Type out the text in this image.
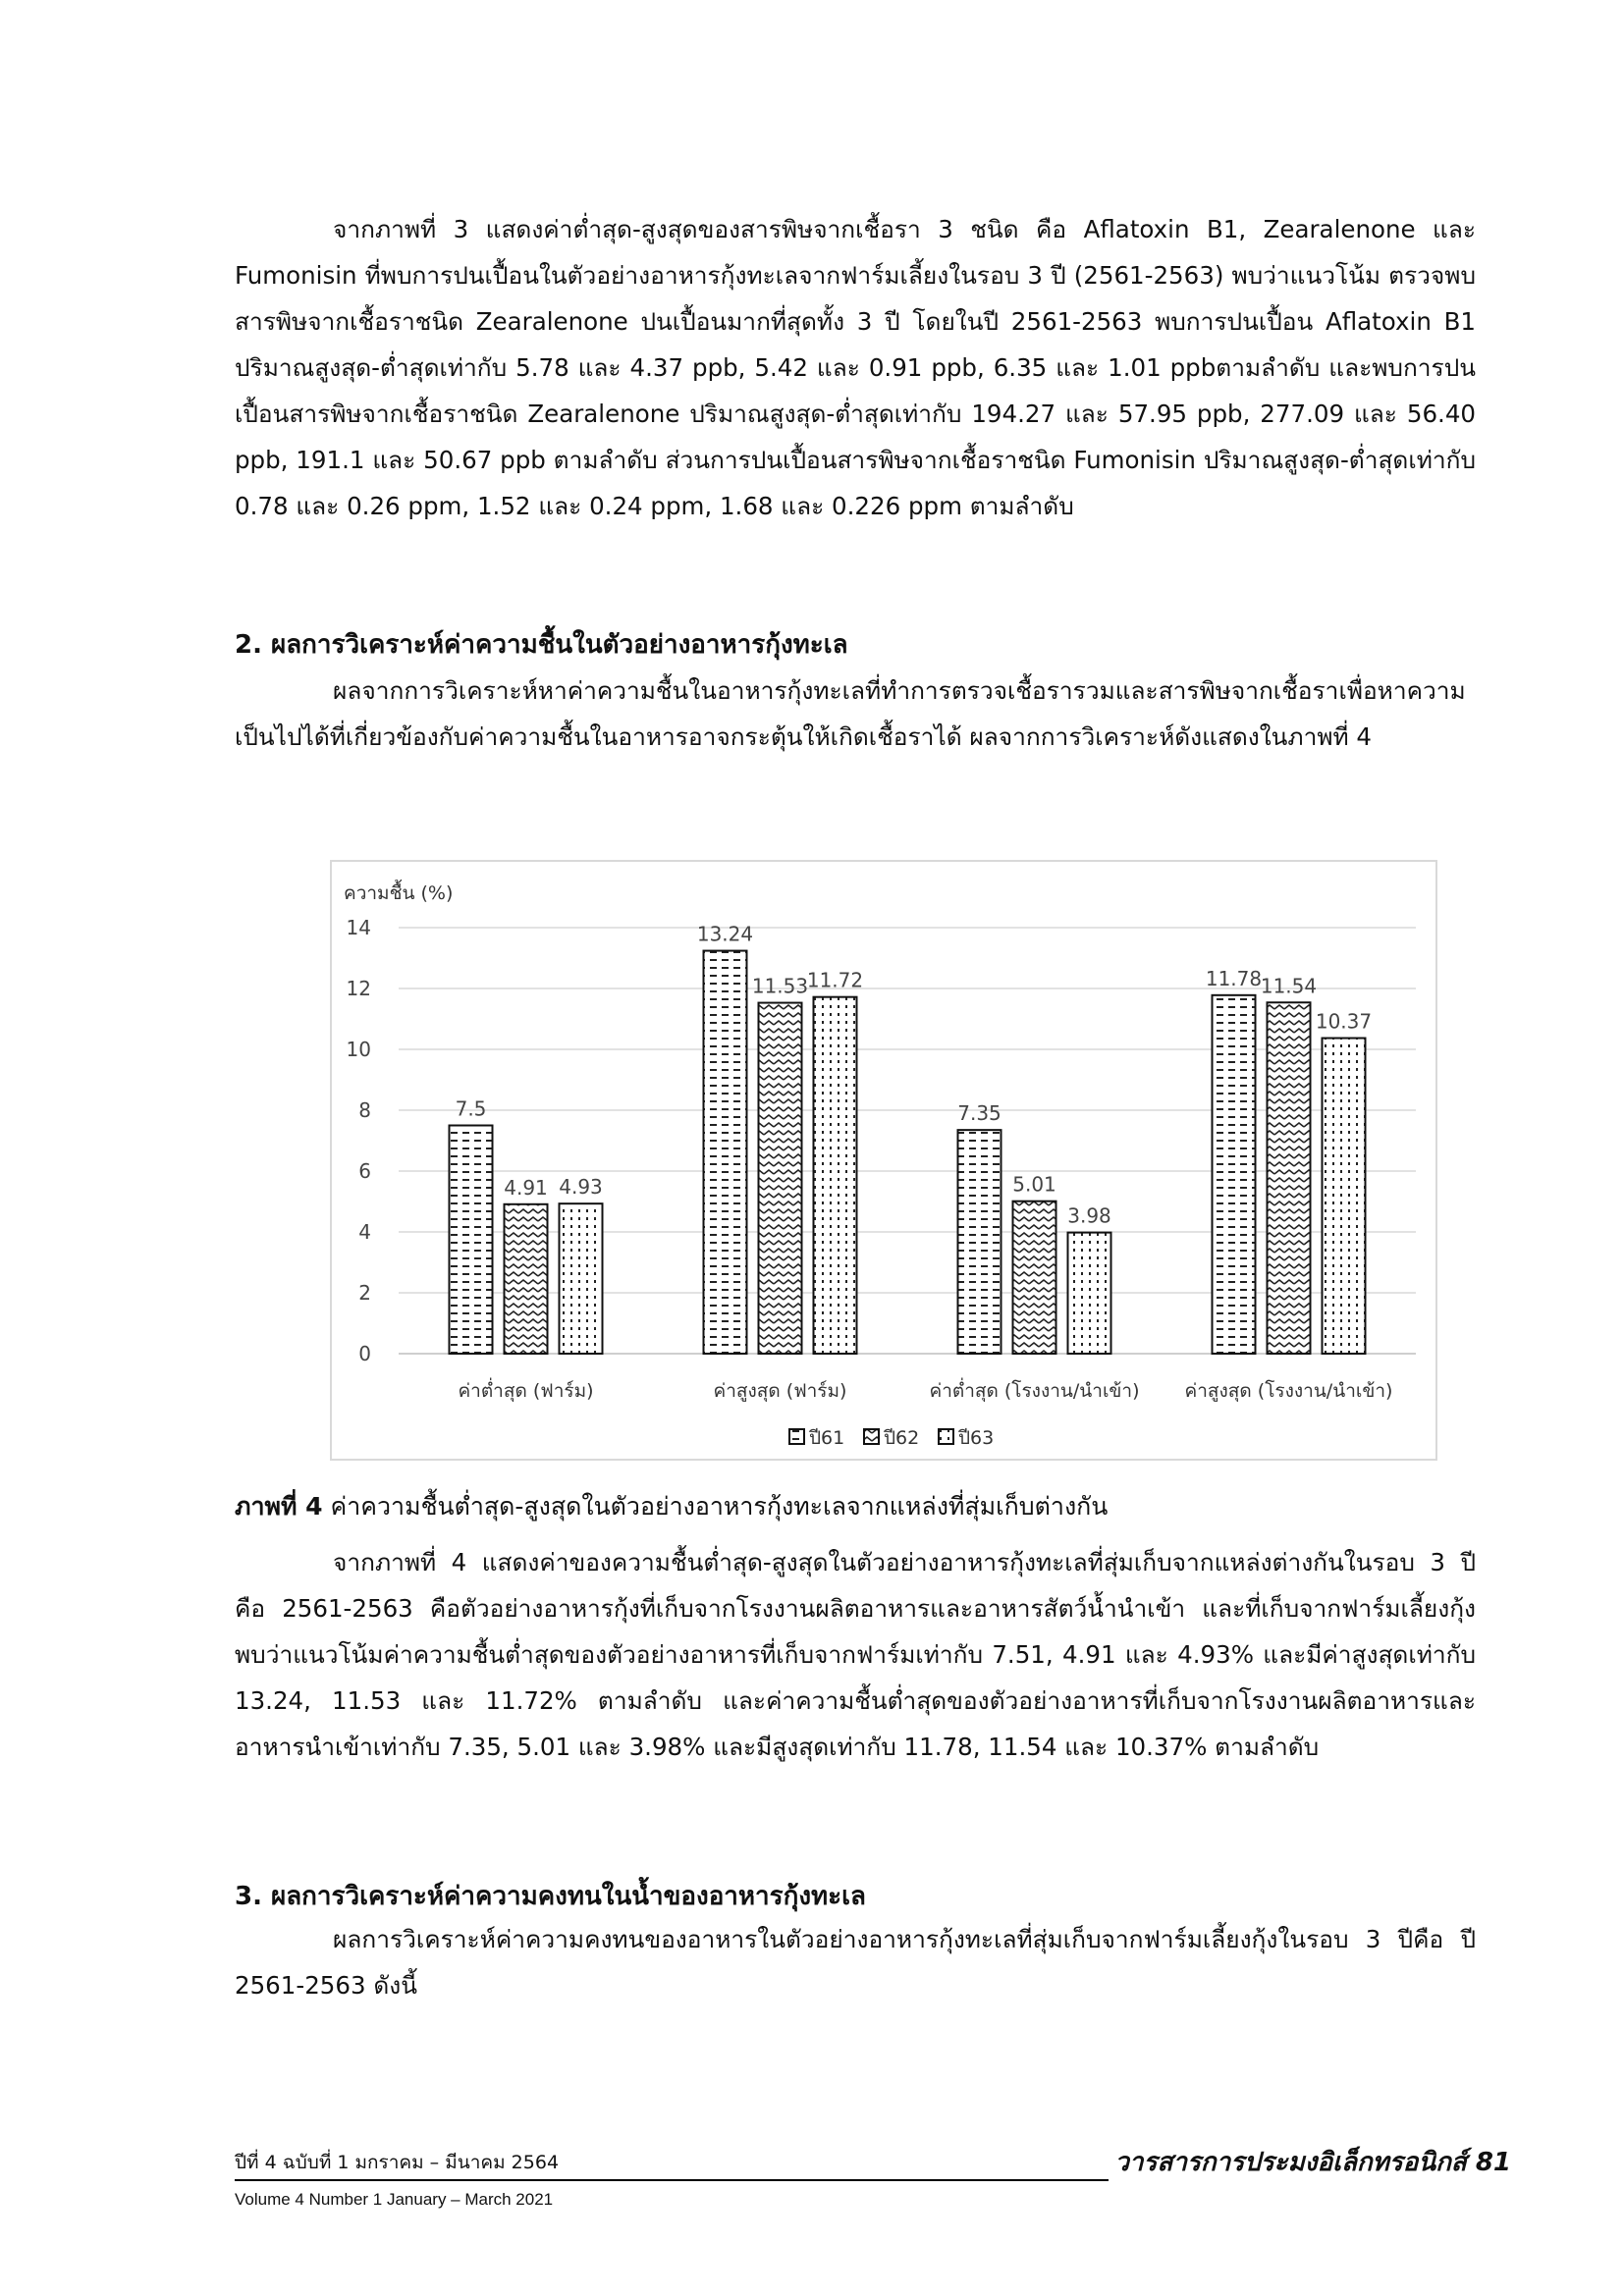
จากภาพที่ 3 แสดงค่าต่ำสุด-สูงสุดของสารพิษจากเชื้อรา 3 ชนิด คือ Aflatoxin B1, Zearalenone และ Fumonisin ที่พบการปนเปื้อนในตัวอย่างอาหารกุ้งทะเลจากฟาร์มเลี้ยงในรอบ 3 ปี (2561-2563) พบว่าแนวโน้ม ตรวจพบสารพิษจากเชื้อราชนิด Zearalenone ปนเปื้อนมากที่สุดทั้ง 3 ปี โดยในปี 2561-2563 พบการปนเปื้อน Aflatoxin B1 ปริมาณสูงสุด-ต่ำสุดเท่ากับ 5.78 และ 4.37 ppb, 5.42 และ 0.91 ppb, 6.35 และ 1.01 ppbตามลำดับ และพบการปนเปื้อนสารพิษจากเชื้อราชนิด Zearalenone ปริมาณสูงสุด-ต่ำสุดเท่ากับ 194.27 และ 57.95 ppb, 277.09 และ 56.40 ppb, 191.1 และ 50.67 ppb ตามลำดับ ส่วนการปนเปื้อนสารพิษจากเชื้อราชนิด Fumonisin ปริมาณสูงสุด-ต่ำสุดเท่ากับ 0.78 และ 0.26 ppm, 1.52 และ 0.24 ppm, 1.68 และ 0.226 ppm ตามลำดับ

2. ผลการวิเคราะห์ค่าความชื้นในตัวอย่างอาหารกุ้งทะเล

ผลจากการวิเคราะห์หาค่าความชื้นในอาหารกุ้งทะเลที่ทำการตรวจเชื้อรารวมและสารพิษจากเชื้อราเพื่อหาความเป็นไปได้ที่เกี่ยวข้องกับค่าความชื้นในอาหารอาจกระตุ้นให้เกิดเชื้อราได้ ผลจากการวิเคราะห์ดังแสดงในภาพที่ 4

ความชื้น (%)
0
2
4
6
8
10
12
14
7.5
4.91 4.93
13.24
11.53
11.72
7.35
5.01
3.98
11.78
11.54
10.37
ค่าต่ำสุด (ฟาร์ม)	ค่าสูงสุด (ฟาร์ม)	ค่าต่ำสุด (โรงงาน/นำเข้า) ค่าสูงสุด (โรงงาน/นำเข้า)
ปี61 ปี62 ปี63

ภาพที่ 4 ค่าความชื้นต่ำสุด-สูงสุดในตัวอย่างอาหารกุ้งทะเลจากแหล่งที่สุ่มเก็บต่างกัน

จากภาพที่ 4 แสดงค่าของความชื้นต่ำสุด-สูงสุดในตัวอย่างอาหารกุ้งทะเลที่สุ่มเก็บจากแหล่งต่างกันในรอบ 3 ปี คือ 2561-2563 คือตัวอย่างอาหารกุ้งที่เก็บจากโรงงานผลิตอาหารและอาหารสัตว์น้ำนำเข้า และที่เก็บจากฟาร์มเลี้ยงกุ้ง พบว่าแนวโน้มค่าความชื้นต่ำสุดของตัวอย่างอาหารที่เก็บจากฟาร์มเท่ากับ 7.51, 4.91 และ 4.93% และมีค่าสูงสุดเท่ากับ 13.24, 11.53 และ 11.72% ตามลำดับ และค่าความชื้นต่ำสุดของตัวอย่างอาหารที่เก็บจากโรงงานผลิตอาหารและอาหารนำเข้าเท่ากับ 7.35, 5.01 และ 3.98% และมีสูงสุดเท่ากับ 11.78, 11.54 และ 10.37% ตามลำดับ

3. ผลการวิเคราะห์ค่าความคงทนในน้ำของอาหารกุ้งทะเล

ผลการวิเคราะห์ค่าความคงทนของอาหารในตัวอย่างอาหารกุ้งทะเลที่สุ่มเก็บจากฟาร์มเลี้ยงกุ้งในรอบ 3 ปีคือ ปี 2561-2563 ดังนี้

ปีที่ 4 ฉบับที่ 1 มกราคม – มีนาคม 2564
Volume 4 Number 1 January – March 2021
วารสารการประมงอิเล็กทรอนิกส์ 81
